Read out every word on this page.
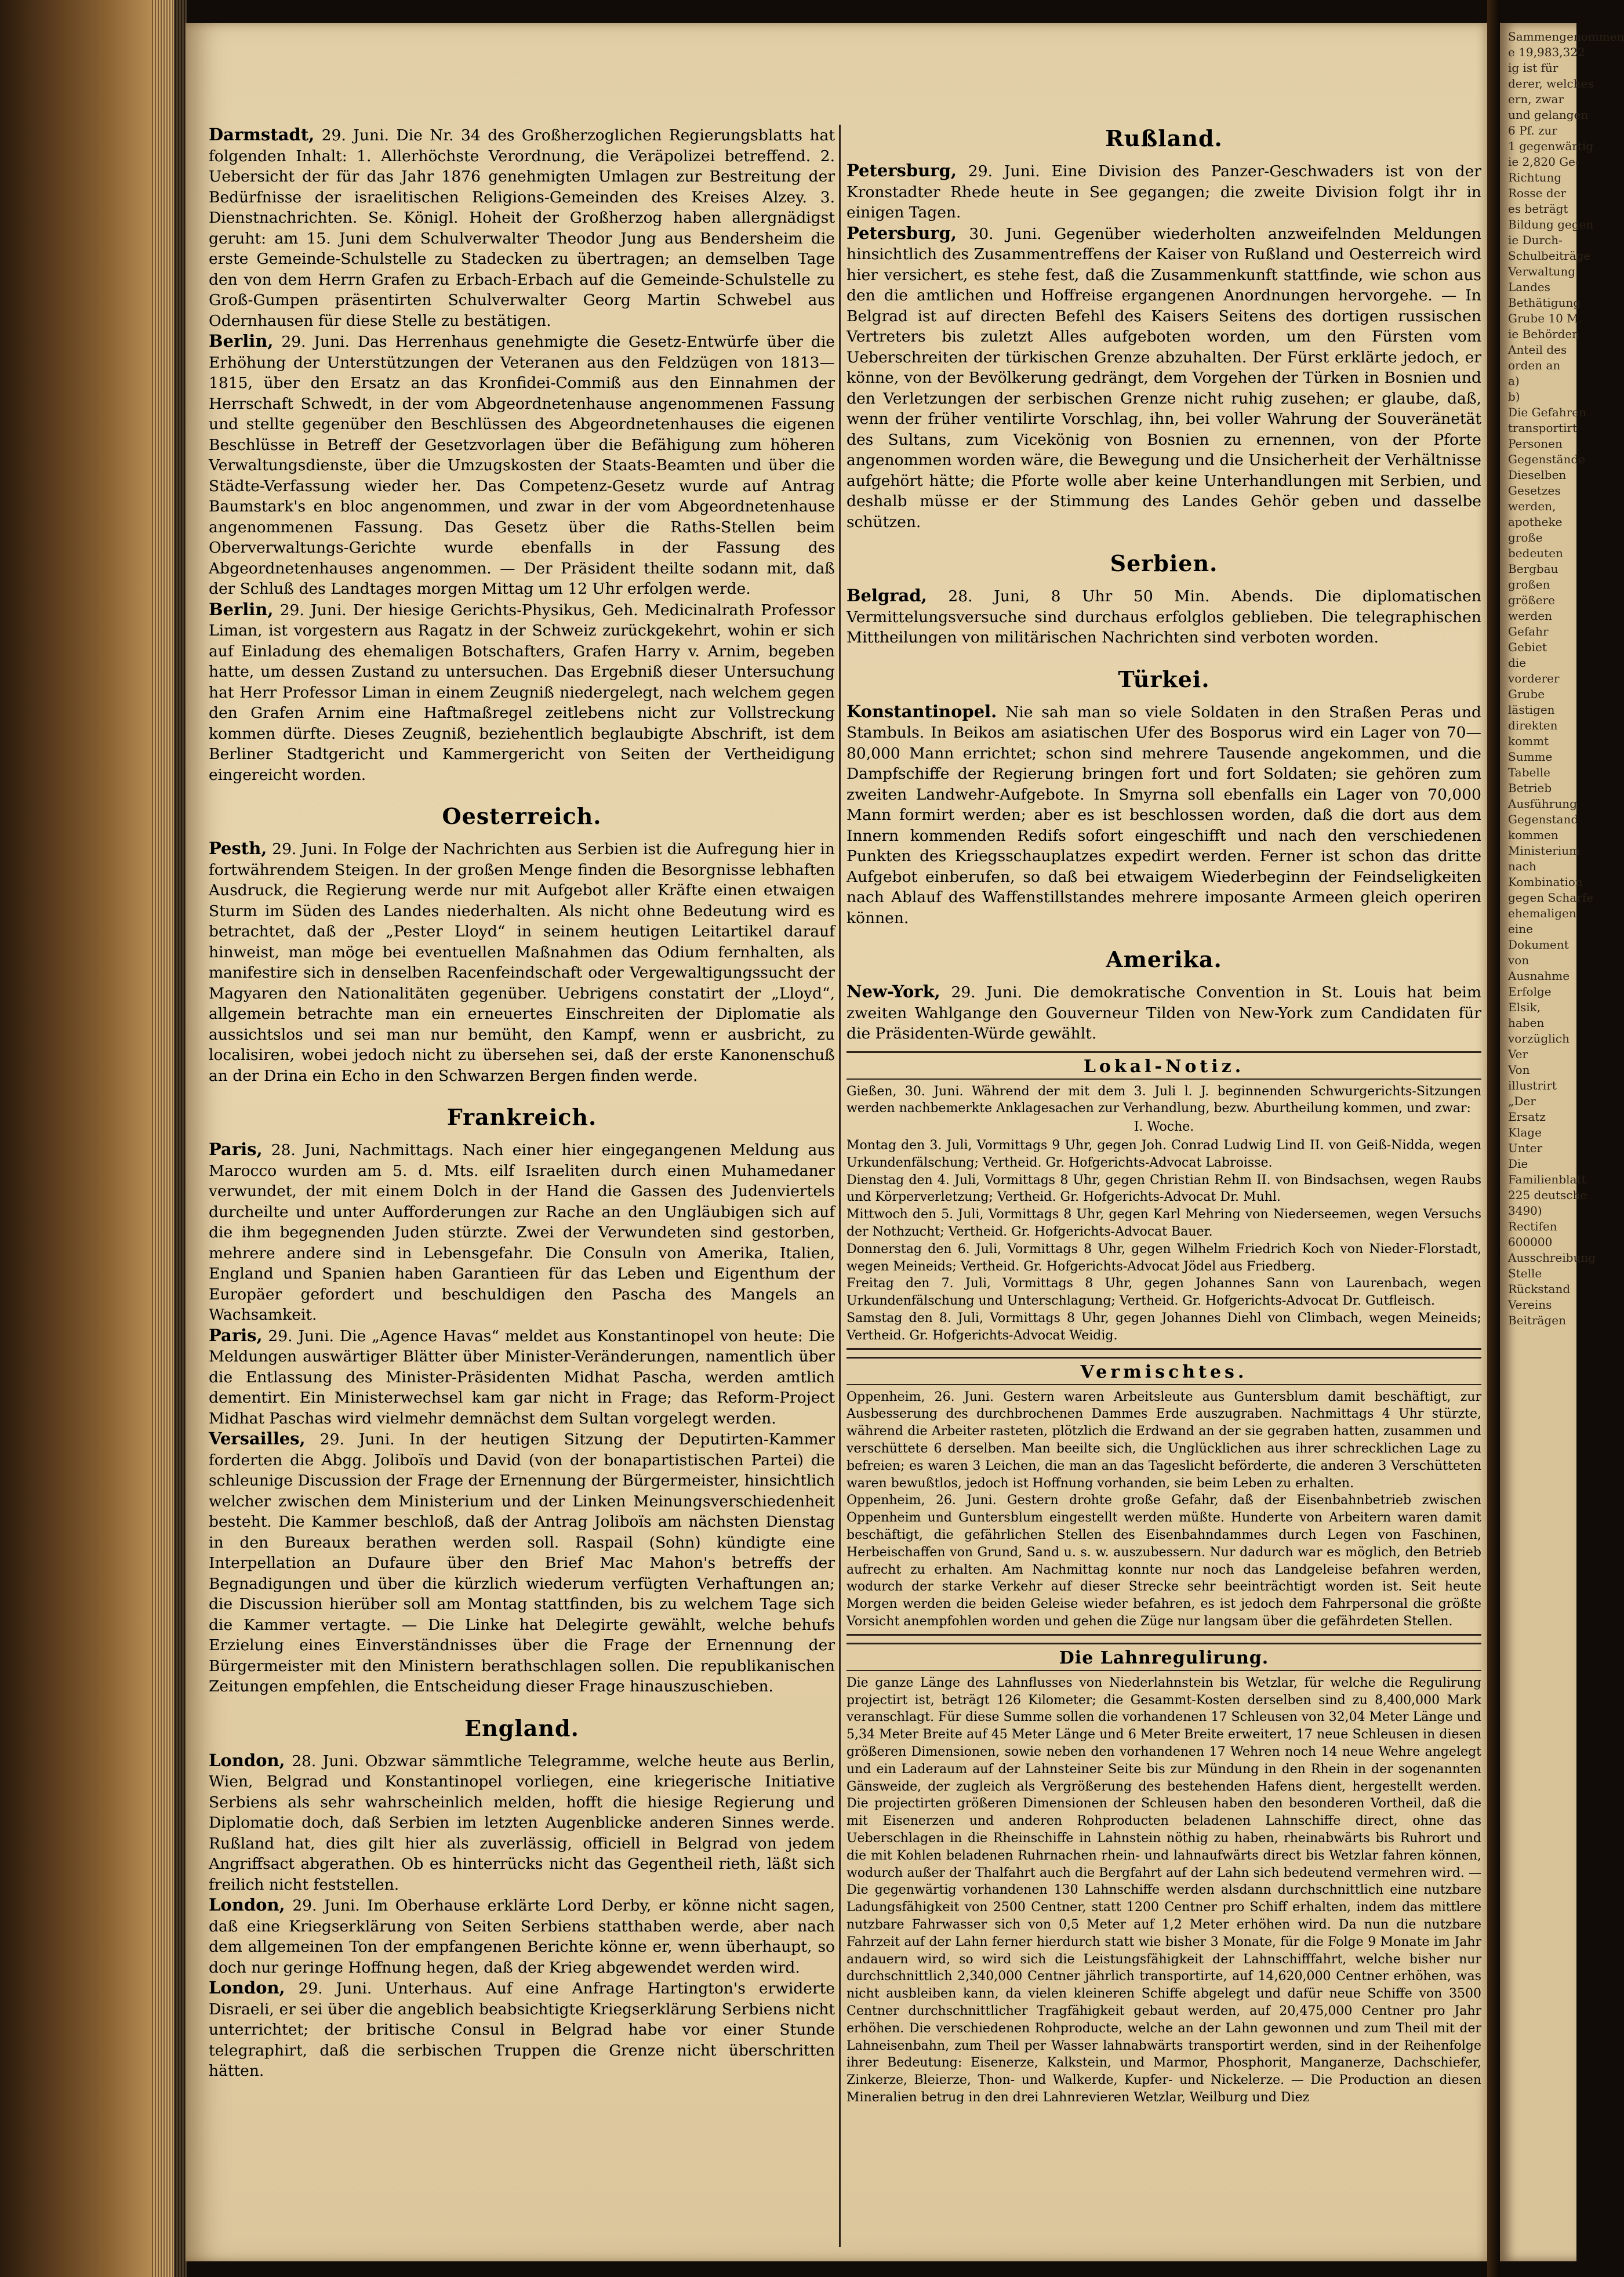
Darmstadt, 29. Juni. Die Nr. 34 des Großherzoglichen Regierungsblatts hat folgenden Inhalt: 1. Allerhöchste Verordnung, die Veräpolizei betreffend. 2. Uebersicht der für das Jahr 1876 genehmigten Umlagen zur Bestreitung der Bedürfnisse der israelitischen Religions-Gemeinden des Kreises Alzey. 3. Dienstnachrichten. Se. Königl. Hoheit der Großherzog haben allergnädigst geruht: am 15. Juni dem Schulverwalter Theodor Jung aus Bendersheim die erste Gemeinde-Schulstelle zu Stadecken zu übertragen; an demselben Tage den von dem Herrn Grafen zu Erbach-Erbach auf die Gemeinde-Schulstelle zu Groß-Gumpen präsentirten Schulverwalter Georg Martin Schwebel aus Odernhausen für diese Stelle zu bestätigen.

Berlin, 29. Juni. Das Herrenhaus genehmigte die Gesetz-Entwürfe über die Erhöhung der Unterstützungen der Veteranen aus den Feldzügen von 1813—1815, über den Ersatz an das Kronfidei-Commiß aus den Einnahmen der Herrschaft Schwedt, in der vom Abgeordnetenhause angenommenen Fassung und stellte gegenüber den Beschlüssen des Abgeordnetenhauses die eigenen Beschlüsse in Betreff der Gesetzvorlagen über die Befähigung zum höheren Verwaltungsdienste, über die Umzugskosten der Staats-Beamten und über die Städte-Verfassung wieder her. Das Competenz-Gesetz wurde auf Antrag Baumstark's en bloc angenommen, und zwar in der vom Abgeordnetenhause angenommenen Fassung. Das Gesetz über die Raths-Stellen beim Oberverwaltungs-Gerichte wurde ebenfalls in der Fassung des Abgeordnetenhauses angenommen. — Der Präsident theilte sodann mit, daß der Schluß des Landtages morgen Mittag um 12 Uhr erfolgen werde.

Berlin, 29. Juni. Der hiesige Gerichts-Physikus, Geh. Medicinalrath Professor Liman, ist vorgestern aus Ragatz in der Schweiz zurückgekehrt, wohin er sich auf Einladung des ehemaligen Botschafters, Grafen Harry v. Arnim, begeben hatte, um dessen Zustand zu untersuchen. Das Ergebniß dieser Untersuchung hat Herr Professor Liman in einem Zeugniß niedergelegt, nach welchem gegen den Grafen Arnim eine Haftmaßregel zeitlebens nicht zur Vollstreckung kommen dürfte. Dieses Zeugniß, beziehentlich beglaubigte Abschrift, ist dem Berliner Stadtgericht und Kammergericht von Seiten der Vertheidigung eingereicht worden.

Oesterreich.

Pesth, 29. Juni. In Folge der Nachrichten aus Serbien ist die Aufregung hier in fortwährendem Steigen. In der großen Menge finden die Besorgnisse lebhaften Ausdruck, die Regierung werde nur mit Aufgebot aller Kräfte einen etwaigen Sturm im Süden des Landes niederhalten. Als nicht ohne Bedeutung wird es betrachtet, daß der „Pester Lloyd“ in seinem heutigen Leitartikel darauf hinweist, man möge bei eventuellen Maßnahmen das Odium fernhalten, als manifestire sich in denselben Racenfeindschaft oder Vergewaltigungssucht der Magyaren den Nationalitäten gegenüber. Uebrigens constatirt der „Lloyd“, allgemein betrachte man ein erneuertes Einschreiten der Diplomatie als aussichtslos und sei man nur bemüht, den Kampf, wenn er ausbricht, zu localisiren, wobei jedoch nicht zu übersehen sei, daß der erste Kanonenschuß an der Drina ein Echo in den Schwarzen Bergen finden werde.

Frankreich.

Paris, 28. Juni, Nachmittags. Nach einer hier eingegangenen Meldung aus Marocco wurden am 5. d. Mts. eilf Israeliten durch einen Muhamedaner verwundet, der mit einem Dolch in der Hand die Gassen des Judenviertels durcheilte und unter Aufforderungen zur Rache an den Ungläubigen sich auf die ihm begegnenden Juden stürzte. Zwei der Verwundeten sind gestorben, mehrere andere sind in Lebensgefahr. Die Consuln von Amerika, Italien, England und Spanien haben Garantieen für das Leben und Eigenthum der Europäer gefordert und beschuldigen den Pascha des Mangels an Wachsamkeit.

Paris, 29. Juni. Die „Agence Havas“ meldet aus Konstantinopel von heute: Die Meldungen auswärtiger Blätter über Minister-Veränderungen, namentlich über die Entlassung des Minister-Präsidenten Midhat Pascha, werden amtlich dementirt. Ein Ministerwechsel kam gar nicht in Frage; das Reform-Project Midhat Paschas wird vielmehr demnächst dem Sultan vorgelegt werden.

Versailles, 29. Juni. In der heutigen Sitzung der Deputirten-Kammer forderten die Abgg. Joliboïs und David (von der bonapartistischen Partei) die schleunige Discussion der Frage der Ernennung der Bürgermeister, hinsichtlich welcher zwischen dem Ministerium und der Linken Meinungsverschiedenheit besteht. Die Kammer beschloß, daß der Antrag Joliboïs am nächsten Dienstag in den Bureaux berathen werden soll. Raspail (Sohn) kündigte eine Interpellation an Dufaure über den Brief Mac Mahon's betreffs der Begnadigungen und über die kürzlich wiederum verfügten Verhaftungen an; die Discussion hierüber soll am Montag stattfinden, bis zu welchem Tage sich die Kammer vertagte. — Die Linke hat Delegirte gewählt, welche behufs Erzielung eines Einverständnisses über die Frage der Ernennung der Bürgermeister mit den Ministern berathschlagen sollen. Die republikanischen Zeitungen empfehlen, die Entscheidung dieser Frage hinauszuschieben.

England.

London, 28. Juni. Obzwar sämmtliche Telegramme, welche heute aus Berlin, Wien, Belgrad und Konstantinopel vorliegen, eine kriegerische Initiative Serbiens als sehr wahrscheinlich melden, hofft die hiesige Regierung und Diplomatie doch, daß Serbien im letzten Augenblicke anderen Sinnes werde. Rußland hat, dies gilt hier als zuverlässig, officiell in Belgrad von jedem Angriffsact abgerathen. Ob es hinterrücks nicht das Gegentheil rieth, läßt sich freilich nicht feststellen.

London, 29. Juni. Im Oberhause erklärte Lord Derby, er könne nicht sagen, daß eine Kriegserklärung von Seiten Serbiens statthaben werde, aber nach dem allgemeinen Ton der empfangenen Berichte könne er, wenn überhaupt, so doch nur geringe Hoffnung hegen, daß der Krieg abgewendet werden wird.

London, 29. Juni. Unterhaus. Auf eine Anfrage Hartington's erwiderte Disraeli, er sei über die angeblich beabsichtigte Kriegserklärung Serbiens nicht unterrichtet; der britische Consul in Belgrad habe vor einer Stunde telegraphirt, daß die serbischen Truppen die Grenze nicht überschritten hätten.

Rußland.

Petersburg, 29. Juni. Eine Division des Panzer-Geschwaders ist von der Kronstadter Rhede heute in See gegangen; die zweite Division folgt ihr in einigen Tagen.

Petersburg, 30. Juni. Gegenüber wiederholten anzweifelnden Meldungen hinsichtlich des Zusammentreffens der Kaiser von Rußland und Oesterreich wird hier versichert, es stehe fest, daß die Zusammenkunft stattfinde, wie schon aus den die amtlichen und Hoffreise ergangenen Anordnungen hervorgehe. — In Belgrad ist auf directen Befehl des Kaisers Seitens des dortigen russischen Vertreters bis zuletzt Alles aufgeboten worden, um den Fürsten vom Ueberschreiten der türkischen Grenze abzuhalten. Der Fürst erklärte jedoch, er könne, von der Bevölkerung gedrängt, dem Vorgehen der Türken in Bosnien und den Verletzungen der serbischen Grenze nicht ruhig zusehen; er glaube, daß, wenn der früher ventilirte Vorschlag, ihn, bei voller Wahrung der Souveränetät des Sultans, zum Vicekönig von Bosnien zu ernennen, von der Pforte angenommen worden wäre, die Bewegung und die Unsicherheit der Verhältnisse aufgehört hätte; die Pforte wolle aber keine Unterhandlungen mit Serbien, und deshalb müsse er der Stimmung des Landes Gehör geben und dasselbe schützen.

Serbien.

Belgrad, 28. Juni, 8 Uhr 50 Min. Abends. Die diplomatischen Vermittelungsversuche sind durchaus erfolglos geblieben. Die telegraphischen Mittheilungen von militärischen Nachrichten sind verboten worden.

Türkei.

Konstantinopel. Nie sah man so viele Soldaten in den Straßen Peras und Stambuls. In Beikos am asiatischen Ufer des Bosporus wird ein Lager von 70—80,000 Mann errichtet; schon sind mehrere Tausende angekommen, und die Dampfschiffe der Regierung bringen fort und fort Soldaten; sie gehören zum zweiten Landwehr-Aufgebote. In Smyrna soll ebenfalls ein Lager von 70,000 Mann formirt werden; aber es ist beschlossen worden, daß die dort aus dem Innern kommenden Redifs sofort eingeschifft und nach den verschiedenen Punkten des Kriegsschauplatzes expedirt werden. Ferner ist schon das dritte Aufgebot einberufen, so daß bei etwaigem Wiederbeginn der Feindseligkeiten nach Ablauf des Waffenstillstandes mehrere imposante Armeen gleich operiren können.

Amerika.

New-York, 29. Juni. Die demokratische Convention in St. Louis hat beim zweiten Wahlgange den Gouverneur Tilden von New-York zum Candidaten für die Präsidenten-Würde gewählt.

Lokal-Notiz.

Gießen, 30. Juni. Während der mit dem 3. Juli l. J. beginnenden Schwurgerichts-Sitzungen werden nachbemerkte Anklagesachen zur Verhandlung, bezw. Aburtheilung kommen, und zwar:

I. Woche.

Montag den 3. Juli, Vormittags 9 Uhr, gegen Joh. Conrad Ludwig Lind II. von Geiß-Nidda, wegen Urkundenfälschung; Vertheid. Gr. Hofgerichts-Advocat Labroisse.

Dienstag den 4. Juli, Vormittags 8 Uhr, gegen Christian Rehm II. von Bindsachsen, wegen Raubs und Körperverletzung; Vertheid. Gr. Hofgerichts-Advocat Dr. Muhl.

Mittwoch den 5. Juli, Vormittags 8 Uhr, gegen Karl Mehring von Niederseemen, wegen Versuchs der Nothzucht; Vertheid. Gr. Hofgerichts-Advocat Bauer.

Donnerstag den 6. Juli, Vormittags 8 Uhr, gegen Wilhelm Friedrich Koch von Nieder-Florstadt, wegen Meineids; Vertheid. Gr. Hofgerichts-Advocat Jödel aus Friedberg.

Freitag den 7. Juli, Vormittags 8 Uhr, gegen Johannes Sann von Laurenbach, wegen Urkundenfälschung und Unterschlagung; Vertheid. Gr. Hofgerichts-Advocat Dr. Gutfleisch.

Samstag den 8. Juli, Vormittags 8 Uhr, gegen Johannes Diehl von Climbach, wegen Meineids; Vertheid. Gr. Hofgerichts-Advocat Weidig.

Vermischtes.

Oppenheim, 26. Juni. Gestern waren Arbeitsleute aus Guntersblum damit beschäftigt, zur Ausbesserung des durchbrochenen Dammes Erde auszugraben. Nachmittags 4 Uhr stürzte, während die Arbeiter rasteten, plötzlich die Erdwand an der sie gegraben hatten, zusammen und verschüttete 6 derselben. Man beeilte sich, die Unglücklichen aus ihrer schrecklichen Lage zu befreien; es waren 3 Leichen, die man an das Tageslicht beförderte, die anderen 3 Verschütteten waren bewußtlos, jedoch ist Hoffnung vorhanden, sie beim Leben zu erhalten.

Oppenheim, 26. Juni. Gestern drohte große Gefahr, daß der Eisenbahnbetrieb zwischen Oppenheim und Guntersblum eingestellt werden müßte. Hunderte von Arbeitern waren damit beschäftigt, die gefährlichen Stellen des Eisenbahndammes durch Legen von Faschinen, Herbeischaffen von Grund, Sand u. s. w. auszubessern. Nur dadurch war es möglich, den Betrieb aufrecht zu erhalten. Am Nachmittag konnte nur noch das Landgeleise befahren werden, wodurch der starke Verkehr auf dieser Strecke sehr beeinträchtigt worden ist. Seit heute Morgen werden die beiden Geleise wieder befahren, es ist jedoch dem Fahrpersonal die größte Vorsicht anempfohlen worden und gehen die Züge nur langsam über die gefährdeten Stellen.

Die Lahnregulirung.

Die ganze Länge des Lahnflusses von Niederlahnstein bis Wetzlar, für welche die Regulirung projectirt ist, beträgt 126 Kilometer; die Gesammt-Kosten derselben sind zu 8,400,000 Mark veranschlagt. Für diese Summe sollen die vorhandenen 17 Schleusen von 32,04 Meter Länge und 5,34 Meter Breite auf 45 Meter Länge und 6 Meter Breite erweitert, 17 neue Schleusen in diesen größeren Dimensionen, sowie neben den vorhandenen 17 Wehren noch 14 neue Wehre angelegt und ein Laderaum auf der Lahnsteiner Seite bis zur Mündung in den Rhein in der sogenannten Gänsweide, der zugleich als Vergrößerung des bestehenden Hafens dient, hergestellt werden. Die projectirten größeren Dimensionen der Schleusen haben den besonderen Vortheil, daß die mit Eisenerzen und anderen Rohproducten beladenen Lahnschiffe direct, ohne das Ueberschlagen in die Rheinschiffe in Lahnstein nöthig zu haben, rheinabwärts bis Ruhrort und die mit Kohlen beladenen Ruhrnachen rhein- und lahnaufwärts direct bis Wetzlar fahren können, wodurch außer der Thalfahrt auch die Bergfahrt auf der Lahn sich bedeutend vermehren wird. — Die gegenwärtig vorhandenen 130 Lahnschiffe werden alsdann durchschnittlich eine nutzbare Ladungsfähigkeit von 2500 Centner, statt 1200 Centner pro Schiff erhalten, indem das mittlere nutzbare Fahrwasser sich von 0,5 Meter auf 1,2 Meter erhöhen wird. Da nun die nutzbare Fahrzeit auf der Lahn ferner hierdurch statt wie bisher 3 Monate, für die Folge 9 Monate im Jahr andauern wird, so wird sich die Leistungsfähigkeit der Lahnschifffahrt, welche bisher nur durchschnittlich 2,340,000 Centner jährlich transportirte, auf 14,620,000 Centner erhöhen, was nicht ausbleiben kann, da vielen kleineren Schiffe abgelegt und dafür neue Schiffe von 3500 Centner durchschnittlicher Tragfähigkeit gebaut werden, auf 20,475,000 Centner pro Jahr erhöhen. Die verschiedenen Rohproducte, welche an der Lahn gewonnen und zum Theil mit der Lahneisenbahn, zum Theil per Wasser lahnabwärts transportirt werden, sind in der Reihenfolge ihrer Bedeutung: Eisenerze, Kalkstein, und Marmor, Phosphorit, Manganerze, Dachschiefer, Zinkerze, Bleierze, Thon- und Walkerde, Kupfer- und Nickelerze. — Die Production an diesen Mineralien betrug in den drei Lahnrevieren Wetzlar, Weilburg und Diez

Sammengenommen
e 19,983,322
ig ist für
derer, welches
ern, zwar
und gelangen
6 Pf. zur
1 gegenwärtig
ie 2,820 Ge-
Richtung
Rosse der
es beträgt
Bildung gegen
ie Durch-
Schulbeiträge
Verwaltung
Landes
Bethätigung
Grube 10 M.
ie Behörden
Anteil des
orden an
a)
b)
Die Gefahren
transportirt
Personen
Gegenstände
Dieselben
Gesetzes
werden,
apotheke
große
bedeuten
Bergbau
großen
größere
werden
Gefahr
Gebiet
die
vorderer
Grube
lästigen
direkten
kommt
Summe
Tabelle
Betrieb
Ausführung
Gegenstand
kommen
Ministerium
nach
Kombination
gegen Scharfe
ehemaligen
eine
Dokument
von
Ausnahme
Erfolge
Elsik,
haben
vorzüglich
Ver
Von
illustrirt
„Der
Ersatz
Klage
Unter
Die
Familienblatt
225 deutsche
3490)
Rectifen
600000
Ausschreibung
Stelle
Rückstand
Vereins
Beiträgen
